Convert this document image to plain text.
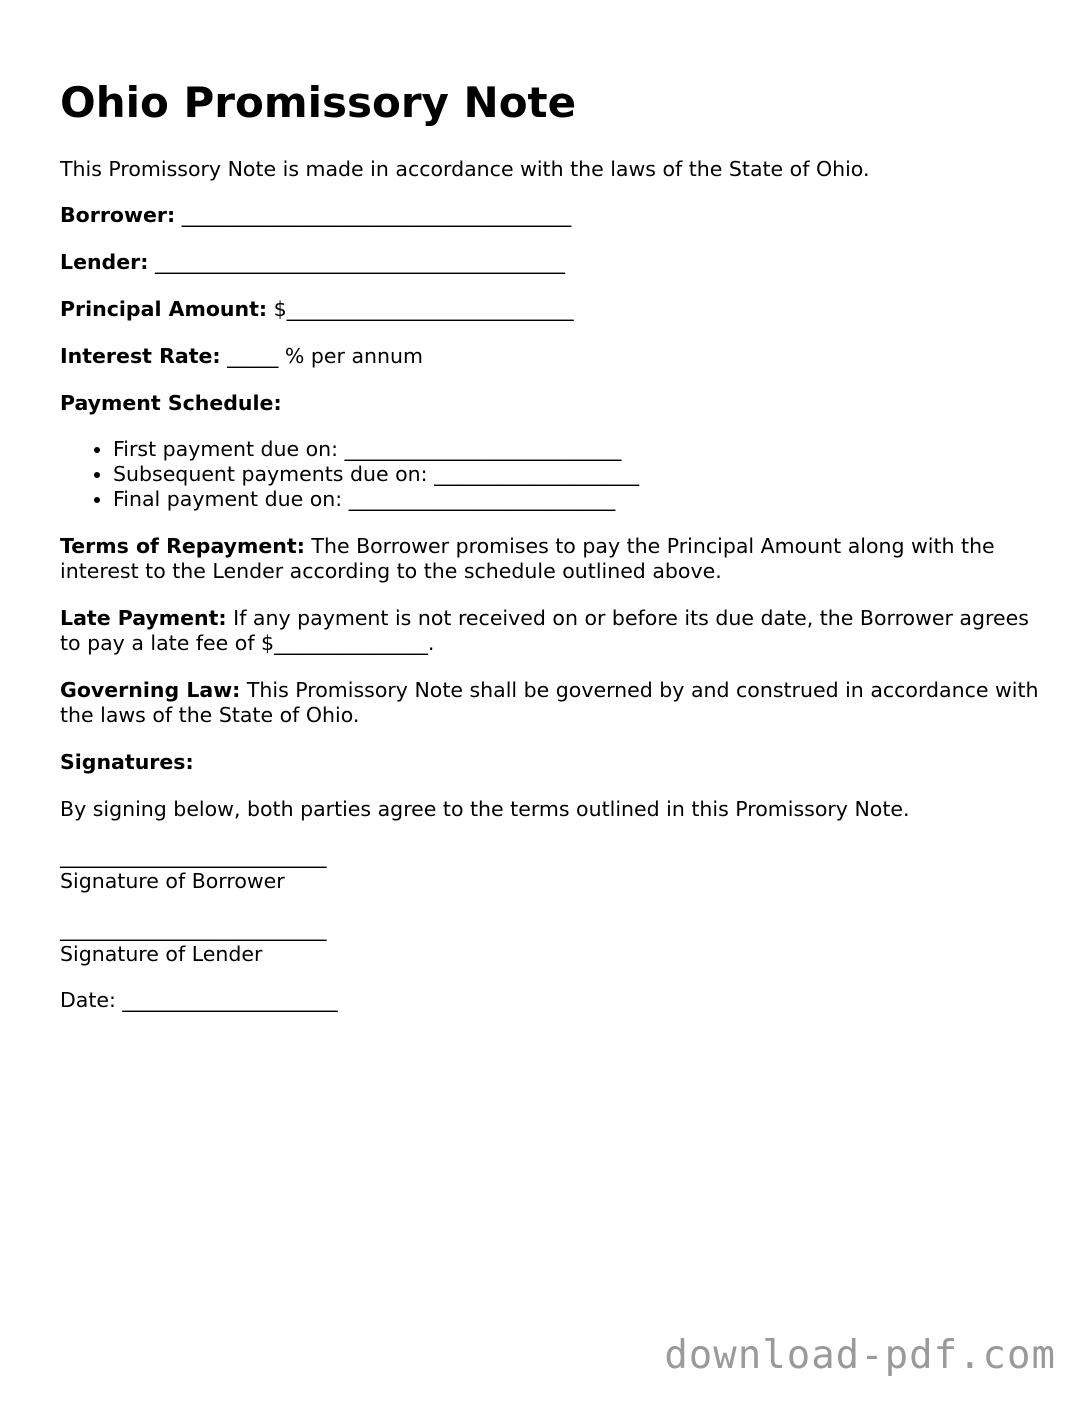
Ohio Promissory Note
This Promissory Note is made in accordance with the laws of the State of Ohio.
Borrower: ______________________________________
Lender: ________________________________________
Principal Amount: $____________________________
Interest Rate: _____ % per annum
Payment Schedule:
• First payment due on: ___________________________
• Subsequent payments due on: ____________________
• Final payment due on: __________________________
Terms of Repayment: The Borrower promises to pay the Principal Amount along with the interest to the Lender according to the schedule outlined above.
Late Payment: If any payment is not received on or before its due date, the Borrower agrees to pay a late fee of $_______________.
Governing Law: This Promissory Note shall be governed by and construed in accordance with the laws of the State of Ohio.
Signatures:
By signing below, both parties agree to the terms outlined in this Promissory Note.
__________________________
Signature of Borrower
__________________________
Signature of Lender
Date: _____________________
download-pdf.com
